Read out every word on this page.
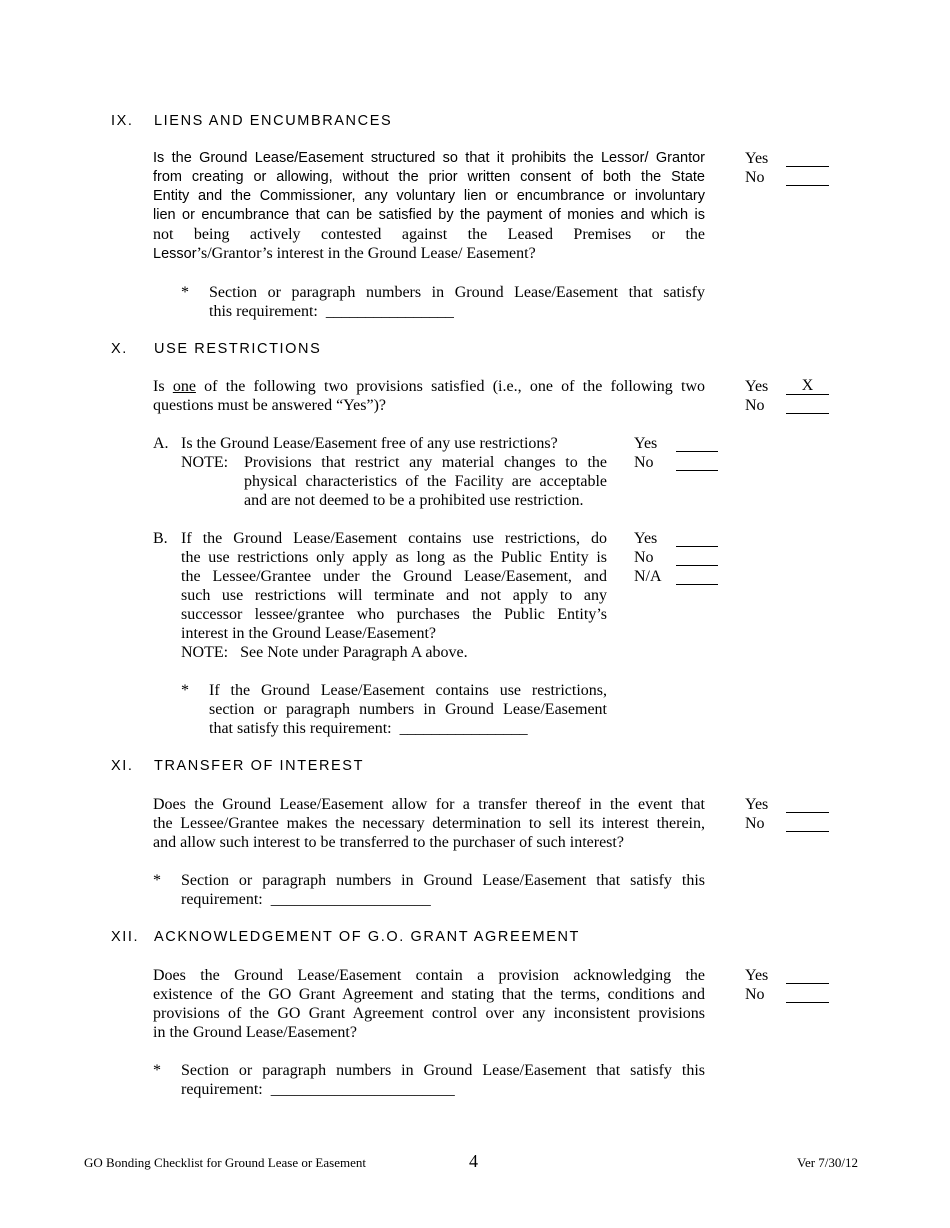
IX. LIENS AND ENCUMBRANCES
Is the Ground Lease/Easement structured so that it prohibits the Lessor/ Grantor
from creating or allowing, without the prior written consent of both the State
Entity and the Commissioner, any voluntary lien or encumbrance or involuntary
lien or encumbrance that can be satisfied by the payment of monies and which is
not being actively contested against the Leased Premises or the
Lessor’s/Grantor’s interest in the Ground Lease/ Easement?
Yes
No
* Section or paragraph numbers in Ground Lease/Easement that satisfy
this requirement: ________________
X. USE RESTRICTIONS
Is one of the following two provisions satisfied (i.e., one of the following two
questions must be answered “Yes”)?
Yes	X
No
A. Is the Ground Lease/Easement free of any use restrictions?
NOTE: Provisions that restrict any material changes to the
physical characteristics of the Facility are acceptable
and are not deemed to be a prohibited use restriction.
Yes
No
B. If the Ground Lease/Easement contains use restrictions, do
the use restrictions only apply as long as the Public Entity is
the Lessee/Grantee under the Ground Lease/Easement, and
such use restrictions will terminate and not apply to any
successor lessee/grantee who purchases the Public Entity’s
interest in the Ground Lease/Easement?
NOTE: See Note under Paragraph A above.
Yes
No
N/A
* If the Ground Lease/Easement contains use restrictions,
section or paragraph numbers in Ground Lease/Easement
that satisfy this requirement: ________________
XI. TRANSFER OF INTEREST
Does the Ground Lease/Easement allow for a transfer thereof in the event that
the Lessee/Grantee makes the necessary determination to sell its interest therein,
and allow such interest to be transferred to the purchaser of such interest?
Yes
No
* Section or paragraph numbers in Ground Lease/Easement that satisfy this
requirement: ____________________
XII. ACKNOWLEDGEMENT OF G.O. GRANT AGREEMENT
Does the Ground Lease/Easement contain a provision acknowledging the
existence of the GO Grant Agreement and stating that the terms, conditions and
provisions of the GO Grant Agreement control over any inconsistent provisions
in the Ground Lease/Easement?
Yes
No
* Section or paragraph numbers in Ground Lease/Easement that satisfy this
requirement: _______________________
GO Bonding Checklist for Ground Lease or Easement	4	Ver 7/30/12
